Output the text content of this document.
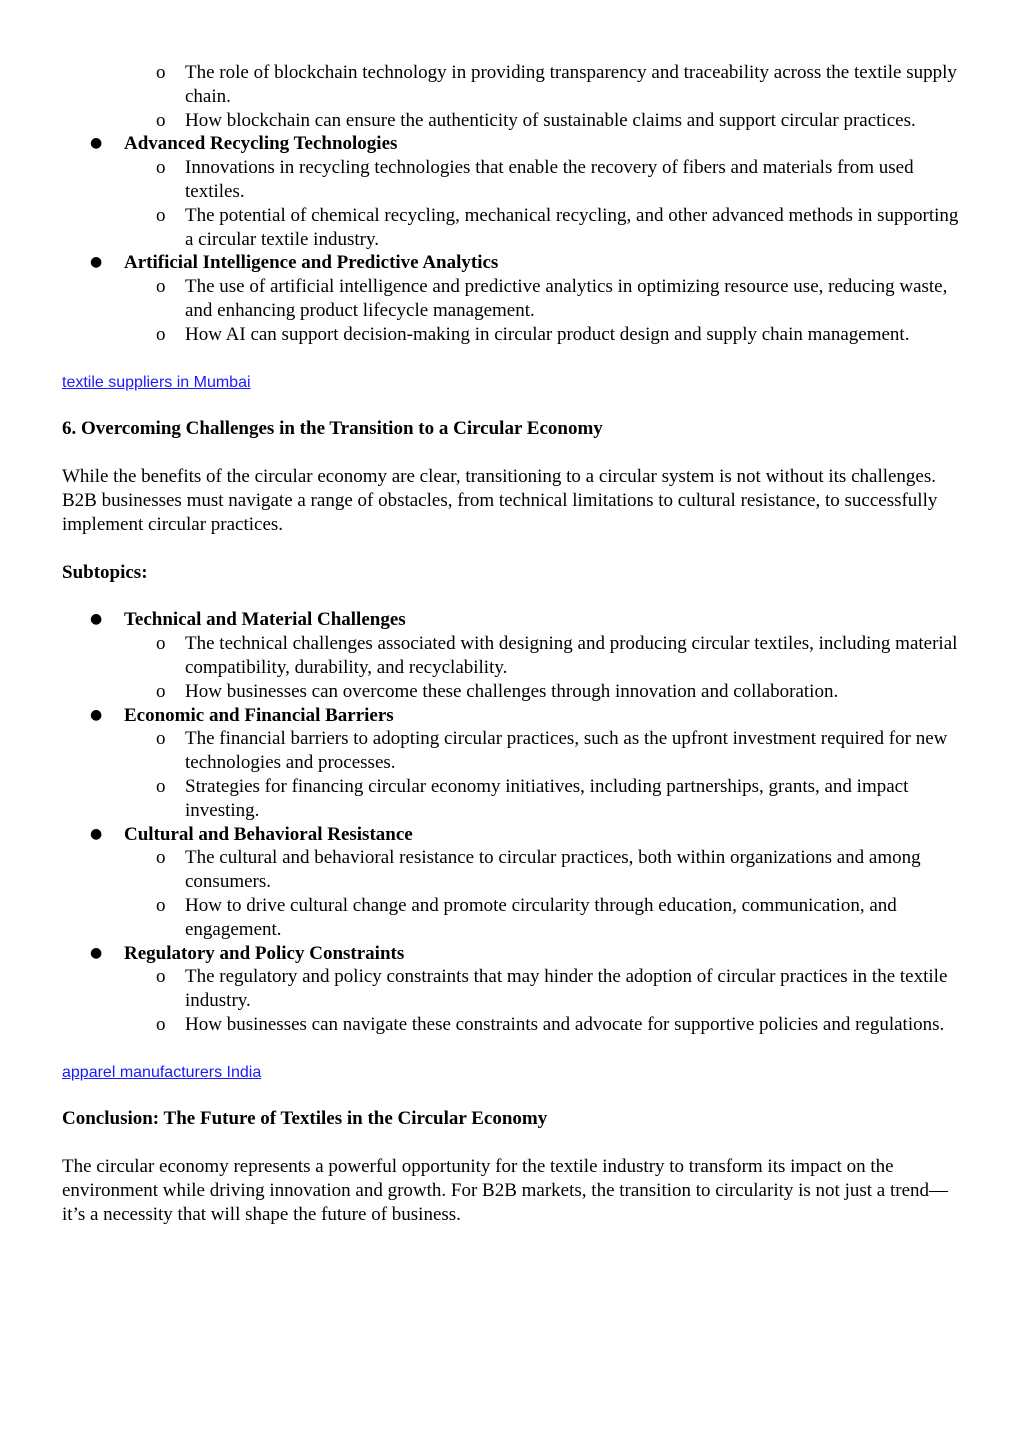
o The role of blockchain technology in providing transparency and traceability across the textile supply chain.
o How blockchain can ensure the authenticity of sustainable claims and support circular practices.
● Advanced Recycling Technologies
o Innovations in recycling technologies that enable the recovery of fibers and materials from used textiles.
o The potential of chemical recycling, mechanical recycling, and other advanced methods in supporting a circular textile industry.
● Artificial Intelligence and Predictive Analytics
o The use of artificial intelligence and predictive analytics in optimizing resource use, reducing waste, and enhancing product lifecycle management.
o How AI can support decision-making in circular product design and supply chain management.
textile suppliers in Mumbai

6. Overcoming Challenges in the Transition to a Circular Economy

While the benefits of the circular economy are clear, transitioning to a circular system is not without its challenges. B2B businesses must navigate a range of obstacles, from technical limitations to cultural resistance, to successfully implement circular practices.

Subtopics:

● Technical and Material Challenges
o The technical challenges associated with designing and producing circular textiles, including material compatibility, durability, and recyclability.
o How businesses can overcome these challenges through innovation and collaboration.
● Economic and Financial Barriers
o The financial barriers to adopting circular practices, such as the upfront investment required for new technologies and processes.
o Strategies for financing circular economy initiatives, including partnerships, grants, and impact investing.
● Cultural and Behavioral Resistance
o The cultural and behavioral resistance to circular practices, both within organizations and among consumers.
o How to drive cultural change and promote circularity through education, communication, and engagement.
● Regulatory and Policy Constraints
o The regulatory and policy constraints that may hinder the adoption of circular practices in the textile industry.
o How businesses can navigate these constraints and advocate for supportive policies and regulations.
apparel manufacturers India

Conclusion: The Future of Textiles in the Circular Economy

The circular economy represents a powerful opportunity for the textile industry to transform its impact on the environment while driving innovation and growth. For B2B markets, the transition to circularity is not just a trend—it’s a necessity that will shape the future of business.
